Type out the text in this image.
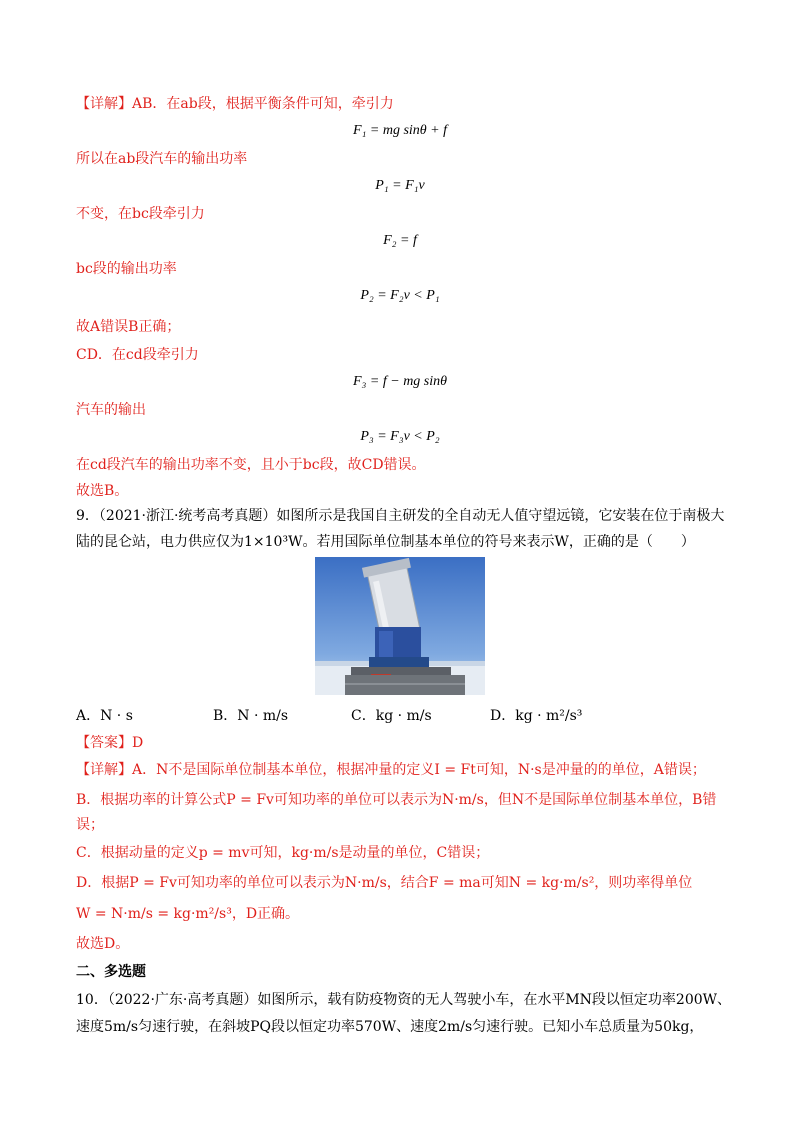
【详解】AB．在ab段，根据平衡条件可知，牵引力
F₁ = mg sinθ + f
所以在ab段汽车的输出功率
P₁ = F₁v
不变，在bc段牵引力
F₂ = f
bc段的输出功率
P₂ = F₂v < P₁
故A错误B正确；
CD．在cd段牵引力
F₃ = f − mg sinθ
汽车的输出
P₃ = F₃v < P₂
在cd段汽车的输出功率不变，且小于bc段，故CD错误。
故选B。
9．（2021·浙江·统考高考真题）如图所示是我国自主研发的全自动无人值守望远镜，它安装在位于南极大
陆的昆仑站，电力供应仅为1×10³W。若用国际单位制基本单位的符号来表示W，正确的是（　　）
A．N · s	B．N · m/s	C．kg · m/s	D．kg · m²/s³
【答案】D
【详解】A．N不是国际单位制基本单位，根据冲量的定义I = Ft可知，N·s是冲量的的单位，A错误；
B．根据功率的计算公式P = Fv可知功率的单位可以表示为N·m/s，但N不是国际单位制基本单位，B错
误；
C．根据动量的定义p = mv可知，kg·m/s是动量的单位，C错误；
D．根据P = Fv可知功率的单位可以表示为N·m/s，结合F = ma可知N = kg·m/s²，则功率得单位
W = N·m/s = kg·m²/s³，D正确。
故选D。
二、多选题
10．（2022·广东·高考真题）如图所示，载有防疫物资的无人驾驶小车，在水平MN段以恒定功率200W、
速度5m/s匀速行驶，在斜坡PQ段以恒定功率570W、速度2m/s匀速行驶。已知小车总质量为50kg，
